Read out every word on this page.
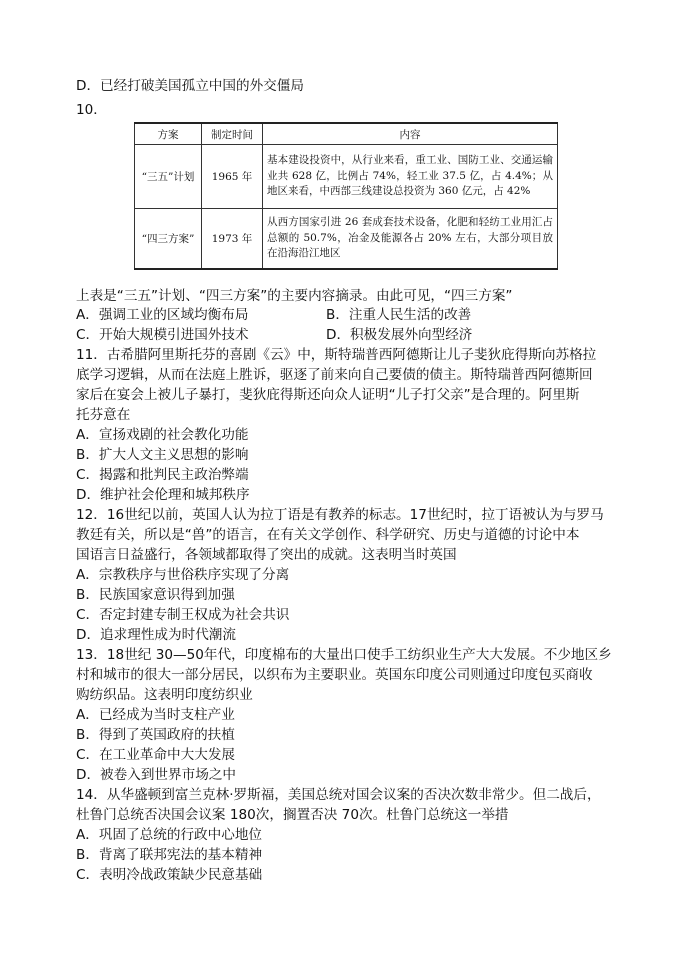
D．已经打破美国孤立中国的外交僵局
10．
方案	制定时间	内容
“三五”计划	1965 年	基本建设投资中，从行业来看，重工业、国防工业、交通运输业共 628 亿，比例占 74%，轻工业 37.5 亿，占 4.4%；从地区来看，中西部三线建设总投资为 360 亿元，占 42%
“四三方案”	1973 年	从西方国家引进 26 套成套技术设备，化肥和轻纺工业用汇占总额的 50.7%，冶金及能源各占 20% 左右，大部分项目放在沿海沿江地区
上表是“三五”计划、“四三方案”的主要内容摘录。由此可见，“四三方案”
A．强调工业的区域均衡布局	B．注重人民生活的改善
C．开始大规模引进国外技术	D．积极发展外向型经济
11．古希腊阿里斯托芬的喜剧《云》中，斯特瑞普西阿德斯让儿子斐狄庇得斯向苏格拉
底学习逻辑，从而在法庭上胜诉，驱逐了前来向自己要债的债主。斯特瑞普西阿德斯回
家后在宴会上被儿子暴打，斐狄庇得斯还向众人证明“儿子打父亲”是合理的。阿里斯
托芬意在
A．宣扬戏剧的社会教化功能
B．扩大人文主义思想的影响
C．揭露和批判民主政治弊端
D．维护社会伦理和城邦秩序
12．16世纪以前，英国人认为拉丁语是有教养的标志。17世纪时，拉丁语被认为与罗马
教廷有关，所以是“兽”的语言，在有关文学创作、科学研究、历史与道德的讨论中本
国语言日益盛行，各领域都取得了突出的成就。这表明当时英国
A．宗教秩序与世俗秩序实现了分离
B．民族国家意识得到加强
C．否定封建专制王权成为社会共识
D．追求理性成为时代潮流
13．18世纪 30—50年代，印度棉布的大量出口使手工纺织业生产大大发展。不少地区乡
村和城市的很大一部分居民，以织布为主要职业。英国东印度公司则通过印度包买商收
购纺织品。这表明印度纺织业
A．已经成为当时支柱产业
B．得到了英国政府的扶植
C．在工业革命中大大发展
D．被卷入到世界市场之中
14．从华盛顿到富兰克林·罗斯福，美国总统对国会议案的否决次数非常少。但二战后，
杜鲁门总统否决国会议案 180次，搁置否决 70次。杜鲁门总统这一举措
A．巩固了总统的行政中心地位
B．背离了联邦宪法的基本精神
C．表明冷战政策缺少民意基础
